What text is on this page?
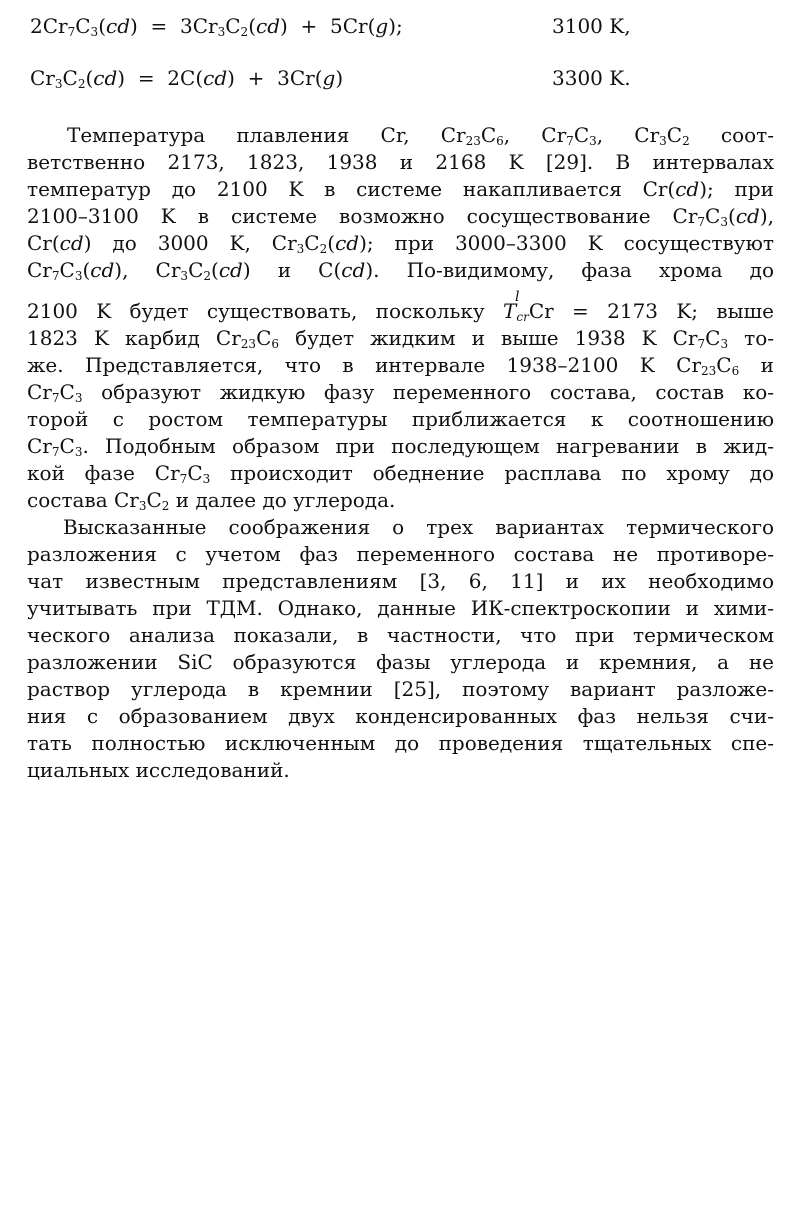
$2Cr_7C_3(cd) = 3Cr_3C_2(cd) + 5Cr(g)$;	3100 K,
$Cr_3C_2(cd) = 2C(cd) + 3Cr(g)$	3300 K.
Температура плавления Cr, $Cr_{23}C_6$, $Cr_7C_3$, $Cr_3C_2$ соот-
ветственно 2173, 1823, 1938 и 2168 K [29]. В интервалах
температур до 2100 K в системе накапливается Cr(cd); при
2100–3100 K в системе возможно сосуществование $Cr_7C_3(cd)$,
Cr(cd) до 3000 K, $Cr_3C_2(cd)$; при 3000–3300 K сосуществуют
$Cr_7C_3(cd)$, $Cr_3C_2(cd)$ и C(cd). По-видимому, фаза хрома до
2100 K будет существовать, поскольку T
l
$_{cr}$Cr = 2173 K; выше
1823 K карбид $Cr_{23}C_6$ будет жидким и выше 1938 K $Cr_7C_3$ то-
же. Представляется, что в интервале 1938–2100 K $Cr_{23}C_6$ и
$Cr_7C_3$ образуют жидкую фазу переменного состава, состав ко-
торой с ростом температуры приближается к соотношению
$Cr_7C_3$. Подобным образом при последующем нагревании в жид-
кой фазе $Cr_7C_3$ происходит обеднение расплава по хрому до
состава $Cr_3C_2$ и далее до углерода.
Высказанные соображения о трех вариантах термического
разложения с учетом фаз переменного состава не противоре-
чат известным представлениям [3, 6, 11] и их необходимо
учитывать при ТДМ. Однако, данные ИК-спектроскопии и хими-
ческого анализа показали, в частности, что при термическом
разложении SiC образуются фазы углерода и кремния, а не
раствор углерода в кремнии [25], поэтому вариант разложе-
ния с образованием двух конденсированных фаз нельзя счи-
тать полностью исключенным до проведения тщательных спе-
циальных исследований.
